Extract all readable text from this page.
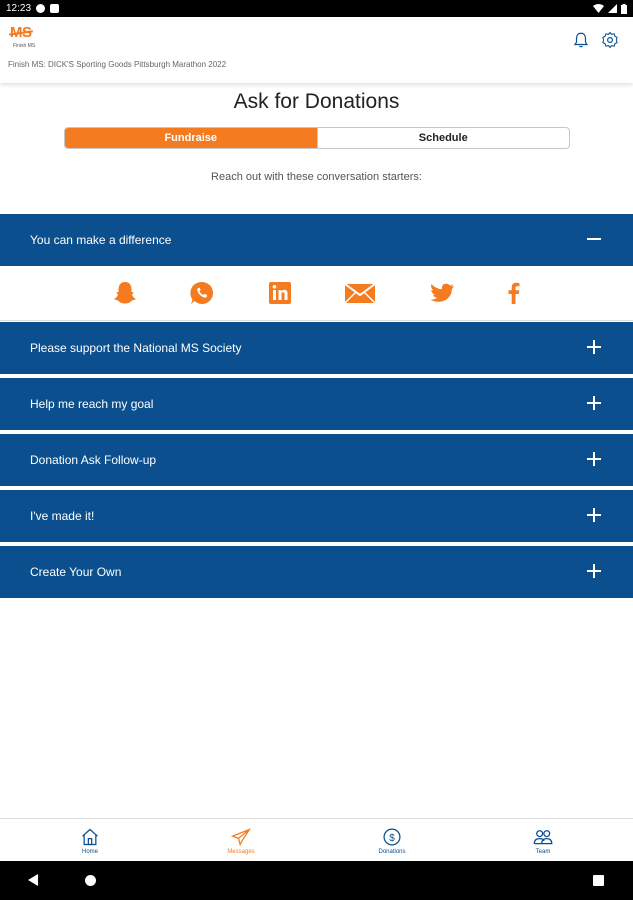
12:23
Finish MS
Finish MS: DICK'S Sporting Goods Pittsburgh Marathon 2022
Ask for Donations
Fundraise	Schedule
Reach out with these conversation starters:
You can make a difference
Please support the National MS Society
Help me reach my goal
Donation Ask Follow-up
I've made it!
Create Your Own
Home	Messages
$
Donations	Team
